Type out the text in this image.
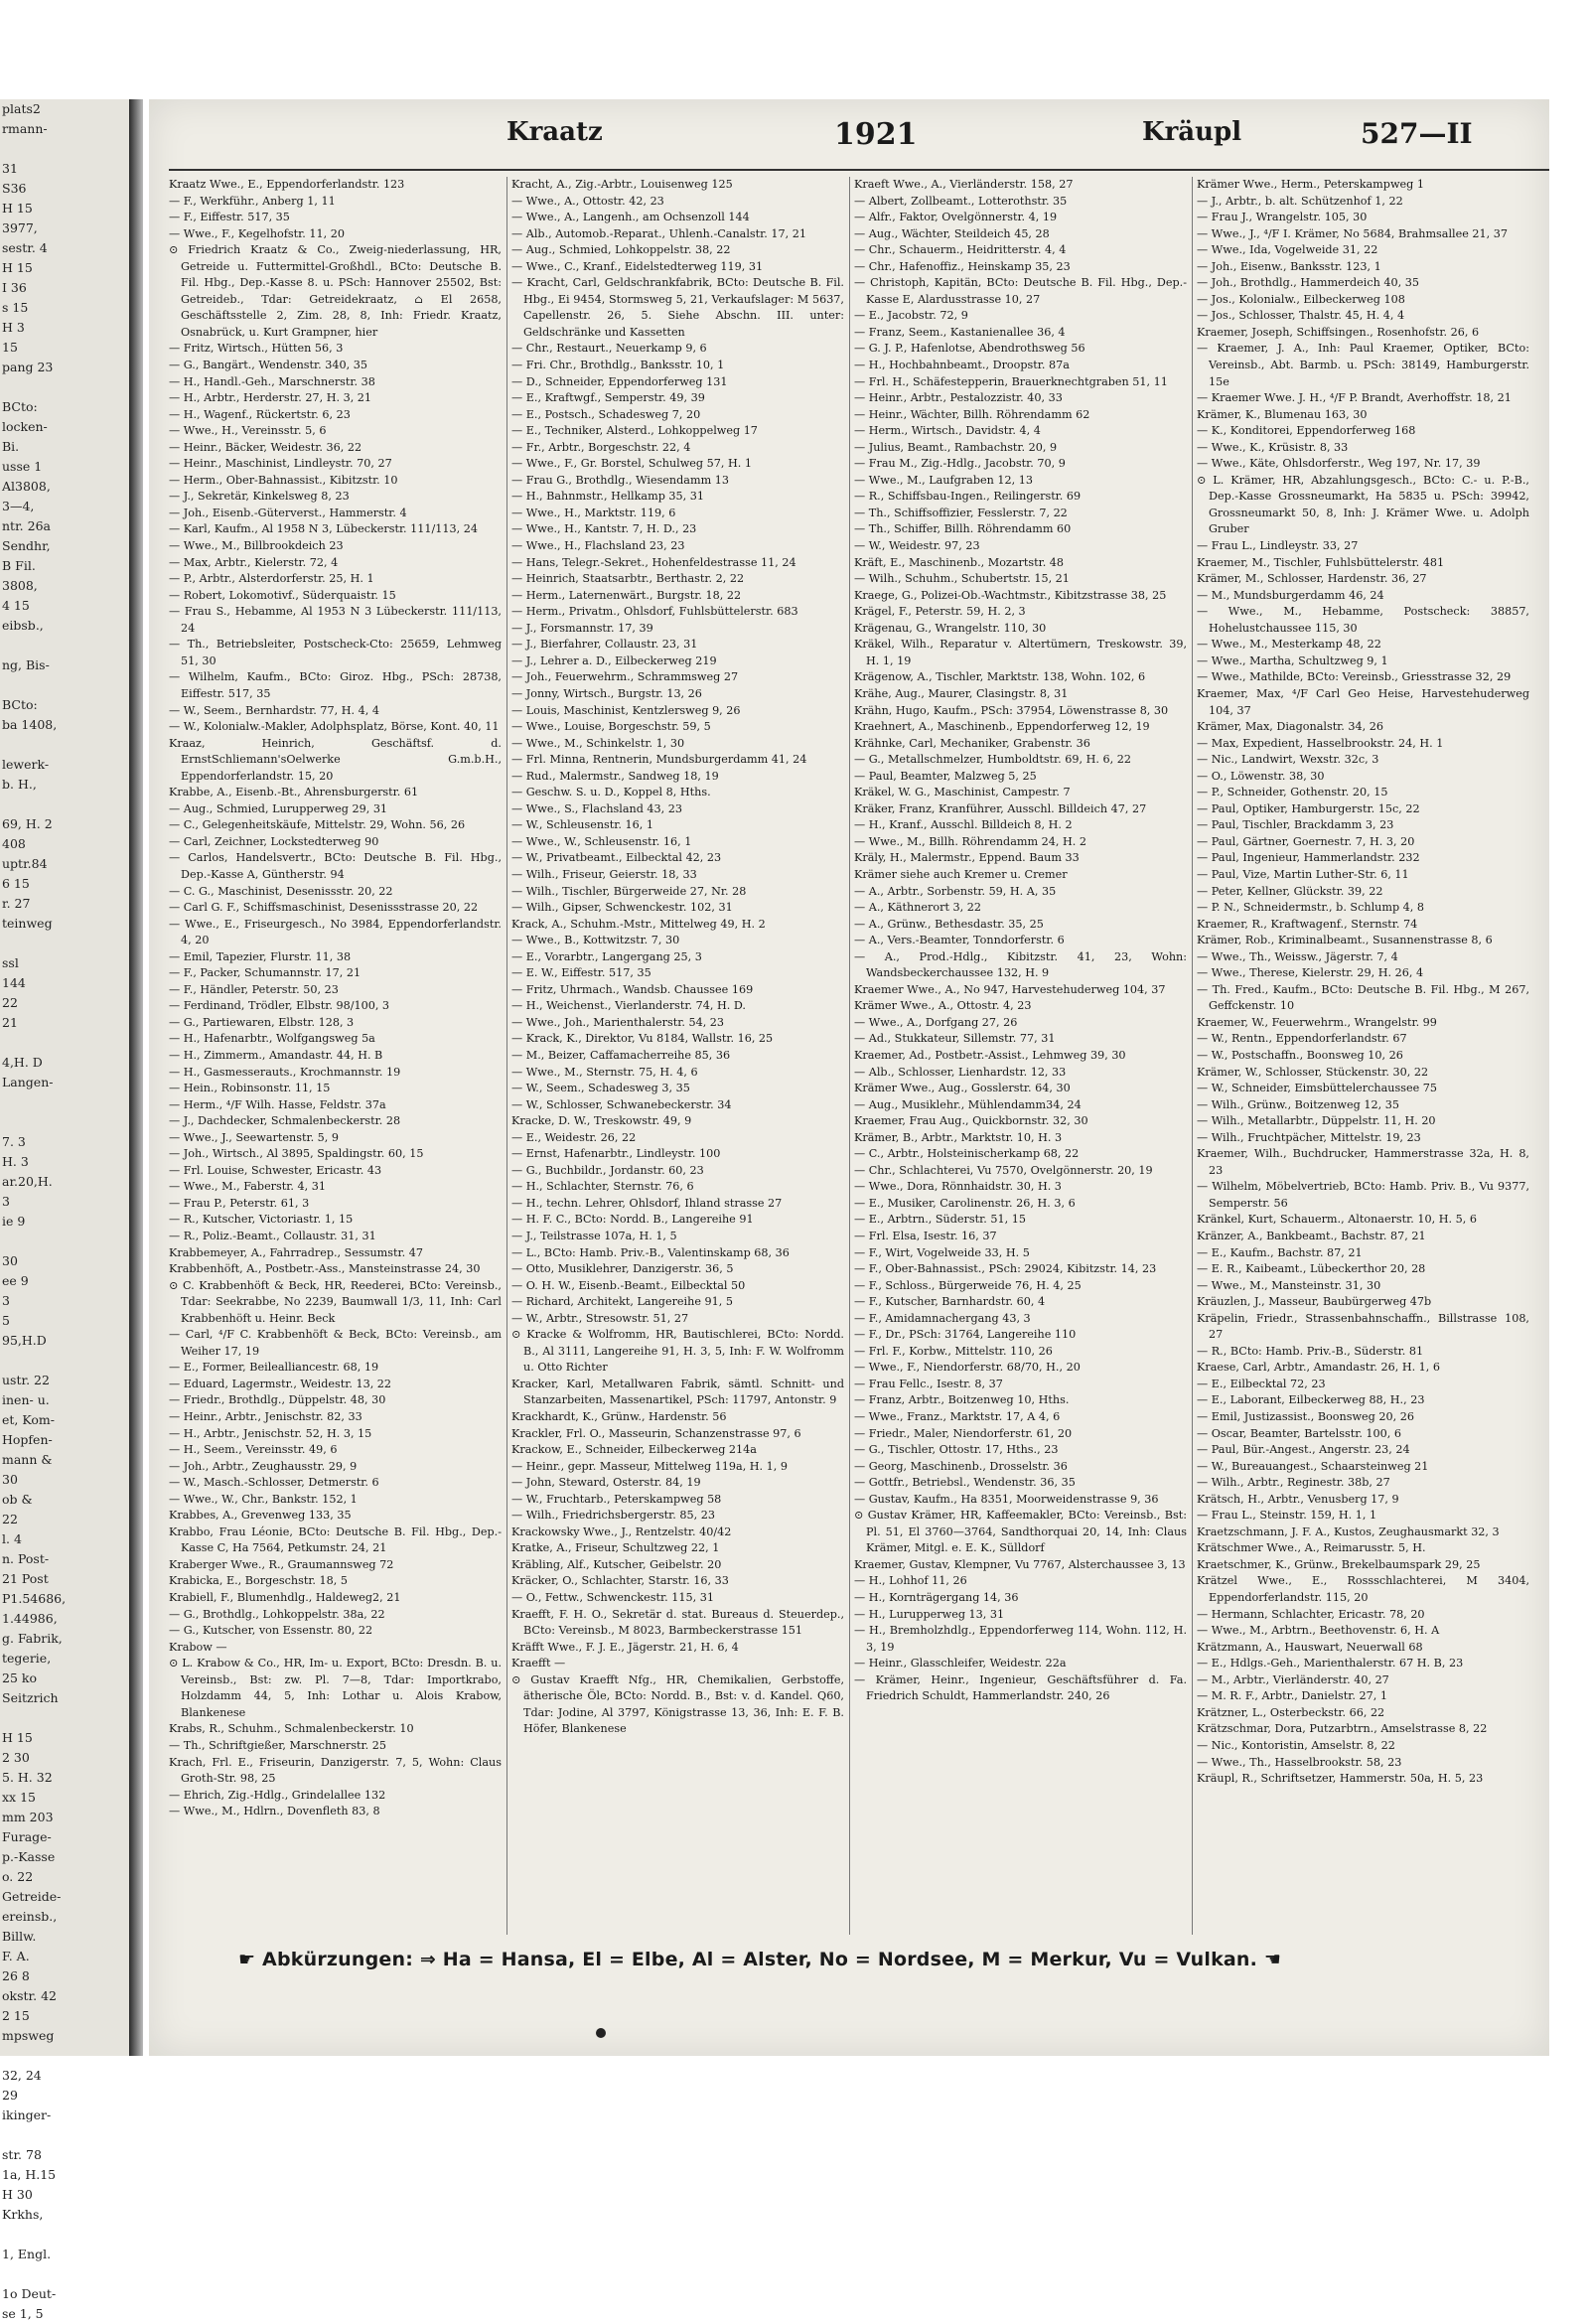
plats2
rmann-

31
S36
H 15
3977,
sestr. 4
H 15
I 36
s 15
H 3
15
pang 23

BCto:
locken-
Bi.
usse 1
Al3808,
3—4,
ntr. 26a
Sendhr,
B Fil.
3808,
4 15
eibsb.,

ng, Bis-

BCto:
ba 1408,

lewerk-
b. H.,

69, H. 2
408
uptr.84
6 15
r. 27
teinweg

ssl
144
22
21

4,H. D
Langen-

7. 3
H. 3
ar.20,H.
3
ie 9

30
ee 9
3
5
95,H.D

ustr. 22
inen- u.
et, Kom-
Hopfen-
mann &
30
ob &
22
l. 4
n. Post-
21 Post
P1.54686,
1.44986,
g. Fabrik,
tegerie,
25 ko
Seitzrich

H 15
2 30
5. H. 32
xx 15
mm 203
Furage-
p.-Kasse
o. 22
Getreide-
ereinsb.,
Billw.
F. A.
26 8
okstr. 42
2 15
mpsweg

32, 24
29
ikinger-

str. 78
1a, H.15
H 30
Krkhs,

1, Engl.

1o Deut-
se 1, 5
Kraatz	1921	Kräupl	527—II

Kraatz Wwe., E., Eppendorferlandstr. 123

— F., Werkführ., Anberg 1, 11

— F., Eiffestr. 517, 35

— Wwe., F., Kegelhofstr. 11, 20

⊙ Friedrich Kraatz & Co., Zweig-niederlassung, HR, Getreide u. Futtermittel-Großhdl., BCto: Deutsche B. Fil. Hbg., Dep.-Kasse 8. u. PSch: Hannover 25502, Bst: Getreideb., Tdar: Getreidekraatz, ⌂ El 2658, Geschäftsstelle 2, Zim. 28, 8, Inh: Friedr. Kraatz, Osnabrück, u. Kurt Grampner, hier

— Fritz, Wirtsch., Hütten 56, 3

— G., Bangärt., Wendenstr. 340, 35

— H., Handl.-Geh., Marschnerstr. 38

— H., Arbtr., Herderstr. 27, H. 3, 21

— H., Wagenf., Rückertstr. 6, 23

— Wwe., H., Vereinsstr. 5, 6

— Heinr., Bäcker, Weidestr. 36, 22

— Heinr., Maschinist, Lindleystr. 70, 27

— Herm., Ober-Bahnassist., Kibitzstr. 10

— J., Sekretär, Kinkelsweg 8, 23

— Joh., Eisenb.-Güterverst., Hammerstr. 4

— Karl, Kaufm., Al 1958 N 3, Lübeckerstr. 111/113, 24

— Wwe., M., Billbrookdeich 23

— Max, Arbtr., Kielerstr. 72, 4

— P., Arbtr., Alsterdorferstr. 25, H. 1

— Robert, Lokomotivf., Süderquaistr. 15

— Frau S., Hebamme, Al 1953 N 3 Lübeckerstr. 111/113, 24

— Th., Betriebsleiter, Postscheck-Cto: 25659, Lehmweg 51, 30

— Wilhelm, Kaufm., BCto: Giroz. Hbg., PSch: 28738, Eiffestr. 517, 35

— W., Seem., Bernhardstr. 77, H. 4, 4

— W., Kolonialw.-Makler, Adolphsplatz, Börse, Kont. 40, 11

Kraaz, Heinrich, Geschäftsf. d. ErnstSchliemann'sOelwerke G.m.b.H., Eppendorferlandstr. 15, 20

Krabbe, A., Eisenb.-Bt., Ahrensburgerstr. 61

— Aug., Schmied, Lurupperweg 29, 31

— C., Gelegenheitskäufe, Mittelstr. 29, Wohn. 56, 26

— Carl, Zeichner, Lockstedterweg 90

— Carlos, Handelsvertr., BCto: Deutsche B. Fil. Hbg., Dep.-Kasse A, Güntherstr. 94

— C. G., Maschinist, Desenissstr. 20, 22

— Carl G. F., Schiffsmaschinist, Desenissstrasse 20, 22

— Wwe., E., Friseurgesch., No 3984, Eppendorferlandstr. 4, 20

— Emil, Tapezier, Flurstr. 11, 38

— F., Packer, Schumannstr. 17, 21

— F., Händler, Peterstr. 50, 23

— Ferdinand, Trödler, Elbstr. 98/100, 3

— G., Partiewaren, Elbstr. 128, 3

— H., Hafenarbtr., Wolfgangsweg 5a

— H., Zimmerm., Amandastr. 44, H. B

— H., Gasmesserauts., Krochmannstr. 19

— Hein., Robinsonstr. 11, 15

— Herm., ⁴/F Wilh. Hasse, Feldstr. 37a

— J., Dachdecker, Schmalenbeckerstr. 28

— Wwe., J., Seewartenstr. 5, 9

— Joh., Wirtsch., Al 3895, Spaldingstr. 60, 15

— Frl. Louise, Schwester, Ericastr. 43

— Wwe., M., Faberstr. 4, 31

— Frau P., Peterstr. 61, 3

— R., Kutscher, Victoriastr. 1, 15

— R., Poliz.-Beamt., Collaustr. 31, 31

Krabbemeyer, A., Fahrradrep., Sessumstr. 47

Krabbenhöft, A., Postbetr.-Ass., Mansteinstrasse 24, 30

⊙ C. Krabbenhöft & Beck, HR, Reederei, BCto: Vereinsb., Tdar: Seekrabbe, No 2239, Baumwall 1/3, 11, Inh: Carl Krabbenhöft u. Heinr. Beck

— Carl, ⁴/F C. Krabbenhöft & Beck, BCto: Vereinsb., am Weiher 17, 19

— E., Former, Beilealliancestr. 68, 19

— Eduard, Lagermstr., Weidestr. 13, 22

— Friedr., Brothdlg., Düppelstr. 48, 30

— Heinr., Arbtr., Jenischstr. 82, 33

— H., Arbtr., Jenischstr. 52, H. 3, 15

— H., Seem., Vereinsstr. 49, 6

— Joh., Arbtr., Zeughausstr. 29, 9

— W., Masch.-Schlosser, Detmerstr. 6

— Wwe., W., Chr., Bankstr. 152, 1

Krabbes, A., Grevenweg 133, 35

Krabbo, Frau Léonie, BCto: Deutsche B. Fil. Hbg., Dep.-Kasse C, Ha 7564, Petkumstr. 24, 21

Kraberger Wwe., R., Graumannsweg 72

Krabicka, E., Borgeschstr. 18, 5

Krabiell, F., Blumenhdlg., Haldeweg2, 21

— G., Brothdlg., Lohkoppelstr. 38a, 22

— G., Kutscher, von Essenstr. 80, 22

Krabow —

⊙ L. Krabow & Co., HR, Im- u. Export, BCto: Dresdn. B. u. Vereinsb., Bst: zw. Pl. 7—8, Tdar: Importkrabo, Holzdamm 44, 5, Inh: Lothar u. Alois Krabow, Blankenese

Krabs, R., Schuhm., Schmalenbeckerstr. 10

— Th., Schriftgießer, Marschnerstr. 25

Krach, Frl. E., Friseurin, Danzigerstr. 7, 5, Wohn: Claus Groth-Str. 98, 25

— Ehrich, Zig.-Hdlg., Grindelallee 132

— Wwe., M., Hdlrn., Dovenfleth 83, 8

Kracht, A., Zig.-Arbtr., Louisenweg 125

— Wwe., A., Ottostr. 42, 23

— Wwe., A., Langenh., am Ochsenzoll 144

— Alb., Automob.-Reparat., Uhlenh.-Canalstr. 17, 21

— Aug., Schmied, Lohkoppelstr. 38, 22

— Wwe., C., Kranf., Eidelstedterweg 119, 31

— Kracht, Carl, Geldschrankfabrik, BCto: Deutsche B. Fil. Hbg., Ei 9454, Stormsweg 5, 21, Verkaufslager: M 5637, Capellenstr. 26, 5. Siehe Abschn. III. unter: Geldschränke und Kassetten

— Chr., Restaurt., Neuerkamp 9, 6

— Fri. Chr., Brothdlg., Banksstr. 10, 1

— D., Schneider, Eppendorferweg 131

— E., Kraftwgf., Semperstr. 49, 39

— E., Postsch., Schadesweg 7, 20

— E., Techniker, Alsterd., Lohkoppelweg 17

— Fr., Arbtr., Borgeschstr. 22, 4

— Wwe., F., Gr. Borstel, Schulweg 57, H. 1

— Frau G., Brothdlg., Wiesendamm 13

— H., Bahnmstr., Hellkamp 35, 31

— Wwe., H., Marktstr. 119, 6

— Wwe., H., Kantstr. 7, H. D., 23

— Wwe., H., Flachsland 23, 23

— Hans, Telegr.-Sekret., Hohenfeldestrasse 11, 24

— Heinrich, Staatsarbtr., Berthastr. 2, 22

— Herm., Laternenwärt., Burgstr. 18, 22

— Herm., Privatm., Ohlsdorf, Fuhlsbüttelerstr. 683

— J., Forsmannstr. 17, 39

— J., Bierfahrer, Collaustr. 23, 31

— J., Lehrer a. D., Eilbeckerweg 219

— Joh., Feuerwehrm., Schrammsweg 27

— Jonny, Wirtsch., Burgstr. 13, 26

— Louis, Maschinist, Kentzlersweg 9, 26

— Wwe., Louise, Borgeschstr. 59, 5

— Wwe., M., Schinkelstr. 1, 30

— Frl. Minna, Rentnerin, Mundsburgerdamm 41, 24

— Rud., Malermstr., Sandweg 18, 19

— Geschw. S. u. D., Koppel 8, Hths.

— Wwe., S., Flachsland 43, 23

— W., Schleusenstr. 16, 1

— Wwe., W., Schleusenstr. 16, 1

— W., Privatbeamt., Eilbecktal 42, 23

— Wilh., Friseur, Geierstr. 18, 33

— Wilh., Tischler, Bürgerweide 27, Nr. 28

— Wilh., Gipser, Schwenckestr. 102, 31

Krack, A., Schuhm.-Mstr., Mittelweg 49, H. 2

— Wwe., B., Kottwitzstr. 7, 30

— E., Vorarbtr., Langergang 25, 3

— E. W., Eiffestr. 517, 35

— Fritz, Uhrmach., Wandsb. Chaussee 169

— H., Weichenst., Vierlanderstr. 74, H. D.

— Wwe., Joh., Marienthalerstr. 54, 23

— Krack, K., Direktor, Vu 8184, Wallstr. 16, 25

— M., Beizer, Caffamacherreihe 85, 36

— Wwe., M., Sternstr. 75, H. 4, 6

— W., Seem., Schadesweg 3, 35

— W., Schlosser, Schwanebeckerstr. 34

Kracke, D. W., Treskowstr. 49, 9

— E., Weidestr. 26, 22

— Ernst, Hafenarbtr., Lindleystr. 100

— G., Buchbildr., Jordanstr. 60, 23

— H., Schlachter, Sternstr. 76, 6

— H., techn. Lehrer, Ohlsdorf, Ihland strasse 27

— H. F. C., BCto: Nordd. B., Langereihe 91

— J., Teilstrasse 107a, H. 1, 5

— L., BCto: Hamb. Priv.-B., Valentinskamp 68, 36

— Otto, Musiklehrer, Danzigerstr. 36, 5

— O. H. W., Eisenb.-Beamt., Eilbecktal 50

— Richard, Architekt, Langereihe 91, 5

— W., Arbtr., Stresowstr. 51, 27

⊙ Kracke & Wolfromm, HR, Bautischlerei, BCto: Nordd. B., Al 3111, Langereihe 91, H. 3, 5, Inh: F. W. Wolfromm u. Otto Richter

Kracker, Karl, Metallwaren Fabrik, sämtl. Schnitt- und Stanzarbeiten, Massenartikel, PSch: 11797, Antonstr. 9

Krackhardt, K., Grünw., Hardenstr. 56

Krackler, Frl. O., Masseurin, Schanzenstrasse 97, 6

Krackow, E., Schneider, Eilbeckerweg 214a

— Heinr., gepr. Masseur, Mittelweg 119a, H. 1, 9

— John, Steward, Osterstr. 84, 19

— W., Fruchtarb., Peterskampweg 58

— Wilh., Friedrichsbergerstr. 85, 23

Krackowsky Wwe., J., Rentzelstr. 40/42

Kratke, A., Friseur, Schultzweg 22, 1

Kräbling, Alf., Kutscher, Geibelstr. 20

Kräcker, O., Schlachter, Starstr. 16, 33

— O., Fettw., Schwenckestr. 115, 31

Kraefft, F. H. O., Sekretär d. stat. Bureaus d. Steuerdep., BCto: Vereinsb., M 8023, Barmbeckerstrasse 151

Kräfft Wwe., F. J. E., Jägerstr. 21, H. 6, 4

Kraefft —

⊙ Gustav Kraefft Nfg., HR, Chemikalien, Gerbstoffe, ätherische Öle, BCto: Nordd. B., Bst: v. d. Kandel. Q60, Tdar: Jodine, Al 3797, Königstrasse 13, 36, Inh: E. F. B. Höfer, Blankenese

Kraeft Wwe., A., Vierländerstr. 158, 27

— Albert, Zollbeamt., Lotterothstr. 35

— Alfr., Faktor, Ovelgönnerstr. 4, 19

— Aug., Wächter, Steildeich 45, 28

— Chr., Schauerm., Heidritterstr. 4, 4

— Chr., Hafenoffiz., Heinskamp 35, 23

— Christoph, Kapitän, BCto: Deutsche B. Fil. Hbg., Dep.-Kasse E, Alardusstrasse 10, 27

— E., Jacobstr. 72, 9

— Franz, Seem., Kastanienallee 36, 4

— G. J. P., Hafenlotse, Abendrothsweg 56

— H., Hochbahnbeamt., Droopstr. 87a

— Frl. H., Schäfestepperin, Brauerknechtgraben 51, 11

— Heinr., Arbtr., Pestalozzistr. 40, 33

— Heinr., Wächter, Billh. Röhrendamm 62

— Herm., Wirtsch., Davidstr. 4, 4

— Julius, Beamt., Rambachstr. 20, 9

— Frau M., Zig.-Hdlg., Jacobstr. 70, 9

— Wwe., M., Laufgraben 12, 13

— R., Schiffsbau-Ingen., Reilingerstr. 69

— Th., Schiffsoffizier, Fesslerstr. 7, 22

— Th., Schiffer, Billh. Röhrendamm 60

— W., Weidestr. 97, 23

Kräft, E., Maschinenb., Mozartstr. 48

— Wilh., Schuhm., Schubertstr. 15, 21

Kraege, G., Polizei-Ob.-Wachtmstr., Kibitzstrasse 38, 25

Krägel, F., Peterstr. 59, H. 2, 3

Krägenau, G., Wrangelstr. 110, 30

Kräkel, Wilh., Reparatur v. Altertümern, Treskowstr. 39, H. 1, 19

Krägenow, A., Tischler, Marktstr. 138, Wohn. 102, 6

Krähe, Aug., Maurer, Clasingstr. 8, 31

Krähn, Hugo, Kaufm., PSch: 37954, Löwenstrasse 8, 30

Kraehnert, A., Maschinenb., Eppendorferweg 12, 19

Krähnke, Carl, Mechaniker, Grabenstr. 36

— G., Metallschmelzer, Humboldtstr. 69, H. 6, 22

— Paul, Beamter, Malzweg 5, 25

Kräkel, W. G., Maschinist, Campestr. 7

Kräker, Franz, Kranführer, Ausschl. Billdeich 47, 27

— H., Kranf., Ausschl. Billdeich 8, H. 2

— Wwe., M., Billh. Röhrendamm 24, H. 2

Kräly, H., Malermstr., Eppend. Baum 33

Krämer siehe auch Kremer u. Cremer

— A., Arbtr., Sorbenstr. 59, H. A, 35

— A., Käthnerort 3, 22

— A., Grünw., Bethesdastr. 35, 25

— A., Vers.-Beamter, Tonndorferstr. 6

— A., Prod.-Hdlg., Kibitzstr. 41, 23, Wohn: Wandsbeckerchaussee 132, H. 9

Kraemer Wwe., A., No 947, Harvestehuderweg 104, 37

Krämer Wwe., A., Ottostr. 4, 23

— Wwe., A., Dorfgang 27, 26

— Ad., Stukkateur, Sillemstr. 77, 31

Kraemer, Ad., Postbetr.-Assist., Lehmweg 39, 30

— Alb., Schlosser, Lienhardstr. 12, 33

Krämer Wwe., Aug., Gosslerstr. 64, 30

— Aug., Musiklehr., Mühlendamm34, 24

Kraemer, Frau Aug., Quickbornstr. 32, 30

Krämer, B., Arbtr., Marktstr. 10, H. 3

— C., Arbtr., Holsteinischerkamp 68, 22

— Chr., Schlachterei, Vu 7570, Ovelgönnerstr. 20, 19

— Wwe., Dora, Rönnhaidstr. 30, H. 3

— E., Musiker, Carolinenstr. 26, H. 3, 6

— E., Arbtrn., Süderstr. 51, 15

— Frl. Elsa, Isestr. 16, 37

— F., Wirt, Vogelweide 33, H. 5

— F., Ober-Bahnassist., PSch: 29024, Kibitzstr. 14, 23

— F., Schloss., Bürgerweide 76, H. 4, 25

— F., Kutscher, Barnhardstr. 60, 4

— F., Amidamnachergang 43, 3

— F., Dr., PSch: 31764, Langereihe 110

— Frl. F., Korbw., Mittelstr. 110, 26

— Wwe., F., Niendorferstr. 68/70, H., 20

— Frau Fellc., Isestr. 8, 37

— Franz, Arbtr., Boitzenweg 10, Hths.

— Wwe., Franz., Marktstr. 17, A 4, 6

— Friedr., Maler, Niendorferstr. 61, 20

— G., Tischler, Ottostr. 17, Hths., 23

— Georg, Maschinenb., Drosselstr. 36

— Gottfr., Betriebsl., Wendenstr. 36, 35

— Gustav, Kaufm., Ha 8351, Moorweidenstrasse 9, 36

⊙ Gustav Krämer, HR, Kaffeemakler, BCto: Vereinsb., Bst: Pl. 51, El 3760—3764, Sandthorquai 20, 14, Inh: Claus Krämer, Mitgl. e. E. K., Sülldorf

Kraemer, Gustav, Klempner, Vu 7767, Alsterchaussee 3, 13

— H., Lohhof 11, 26

— H., Kornträgergang 14, 36

— H., Lurupperweg 13, 31

— H., Bremholzhdlg., Eppendorferweg 114, Wohn. 112, H. 3, 19

— Heinr., Glasschleifer, Weidestr. 22a

— Krämer, Heinr., Ingenieur, Geschäftsführer d. Fa. Friedrich Schuldt, Hammerlandstr. 240, 26

Krämer Wwe., Herm., Peterskampweg 1

— J., Arbtr., b. alt. Schützenhof 1, 22

— Frau J., Wrangelstr. 105, 30

— Wwe., J., ⁴/F I. Krämer, No 5684, Brahmsallee 21, 37

— Wwe., Ida, Vogelweide 31, 22

— Joh., Eisenw., Banksstr. 123, 1

— Joh., Brothdlg., Hammerdeich 40, 35

— Jos., Kolonialw., Eilbeckerweg 108

— Jos., Schlosser, Thalstr. 45, H. 4, 4

Kraemer, Joseph, Schiffsingen., Rosenhofstr. 26, 6

— Kraemer, J. A., Inh: Paul Kraemer, Optiker, BCto: Vereinsb., Abt. Barmb. u. PSch: 38149, Hamburgerstr. 15e

— Kraemer Wwe. J. H., ⁴/F P. Brandt, Averhoffstr. 18, 21

Krämer, K., Blumenau 163, 30

— K., Konditorei, Eppendorferweg 168

— Wwe., K., Krüsistr. 8, 33

— Wwe., Käte, Ohlsdorferstr., Weg 197, Nr. 17, 39

⊙ L. Krämer, HR, Abzahlungsgesch., BCto: C.- u. P.-B., Dep.-Kasse Grossneumarkt, Ha 5835 u. PSch: 39942, Grossneumarkt 50, 8, Inh: J. Krämer Wwe. u. Adolph Gruber

— Frau L., Lindleystr. 33, 27

Kraemer, M., Tischler, Fuhlsbüttelerstr. 481

Krämer, M., Schlosser, Hardenstr. 36, 27

— M., Mundsburgerdamm 46, 24

— Wwe., M., Hebamme, Postscheck: 38857, Hohelustchaussee 115, 30

— Wwe., M., Mesterkamp 48, 22

— Wwe., Martha, Schultzweg 9, 1

— Wwe., Mathilde, BCto: Vereinsb., Griesstrasse 32, 29

Kraemer, Max, ⁴/F Carl Geo Heise, Harvestehuderweg 104, 37

Krämer, Max, Diagonalstr. 34, 26

— Max, Expedient, Hasselbrookstr. 24, H. 1

— Nic., Landwirt, Wexstr. 32c, 3

— O., Löwenstr. 38, 30

— P., Schneider, Gothenstr. 20, 15

— Paul, Optiker, Hamburgerstr. 15c, 22

— Paul, Tischler, Brackdamm 3, 23

— Paul, Gärtner, Goernestr. 7, H. 3, 20

— Paul, Ingenieur, Hammerlandstr. 232

— Paul, Vize, Martin Luther-Str. 6, 11

— Peter, Kellner, Glückstr. 39, 22

— P. N., Schneidermstr., b. Schlump 4, 8

Kraemer, R., Kraftwagenf., Sternstr. 74

Krämer, Rob., Kriminalbeamt., Susannenstrasse 8, 6

— Wwe., Th., Weissw., Jägerstr. 7, 4

— Wwe., Therese, Kielerstr. 29, H. 26, 4

— Th. Fred., Kaufm., BCto: Deutsche B. Fil. Hbg., M 267, Geffckenstr. 10

Kraemer, W., Feuerwehrm., Wrangelstr. 99

— W., Rentn., Eppendorferlandstr. 67

— W., Postschaffn., Boonsweg 10, 26

Krämer, W., Schlosser, Stückenstr. 30, 22

— W., Schneider, Eimsbüttelerchaussee 75

— Wilh., Grünw., Boitzenweg 12, 35

— Wilh., Metallarbtr., Düppelstr. 11, H. 20

— Wilh., Fruchtpächer, Mittelstr. 19, 23

Kraemer, Wilh., Buchdrucker, Hammerstrasse 32a, H. 8, 23

— Wilhelm, Möbelvertrieb, BCto: Hamb. Priv. B., Vu 9377, Semperstr. 56

Kränkel, Kurt, Schauerm., Altonaerstr. 10, H. 5, 6

Kränzer, A., Bankbeamt., Bachstr. 87, 21

— E., Kaufm., Bachstr. 87, 21

— E. R., Kaibeamt., Lübeckerthor 20, 28

— Wwe., M., Mansteinstr. 31, 30

Kräuzlen, J., Masseur, Baubürgerweg 47b

Kräpelin, Friedr., Strassenbahnschaffn., Billstrasse 108, 27

— R., BCto: Hamb. Priv.-B., Süderstr. 81

Kraese, Carl, Arbtr., Amandastr. 26, H. 1, 6

— E., Eilbecktal 72, 23

— E., Laborant, Eilbeckerweg 88, H., 23

— Emil, Justizassist., Boonsweg 20, 26

— Oscar, Beamter, Bartelsstr. 100, 6

— Paul, Bür.-Angest., Angerstr. 23, 24

— W., Bureauangest., Schaarsteinweg 21

— Wilh., Arbtr., Reginestr. 38b, 27

Krätsch, H., Arbtr., Venusberg 17, 9

— Frau L., Steinstr. 159, H. 1, 1

Kraetzschmann, J. F. A., Kustos, Zeughausmarkt 32, 3

Krätschmer Wwe., A., Reimarusstr. 5, H.

Kraetschmer, K., Grünw., Brekelbaumspark 29, 25

Krätzel Wwe., E., Rossschlachterei, M 3404, Eppendorferlandstr. 115, 20

— Hermann, Schlachter, Ericastr. 78, 20

— Wwe., M., Arbtrn., Beethovenstr. 6, H. A

Krätzmann, A., Hauswart, Neuerwall 68

— E., Hdlgs.-Geh., Marienthalerstr. 67 H. B, 23

— M., Arbtr., Vierländerstr. 40, 27

— M. R. F., Arbtr., Danielstr. 27, 1

Krätzner, L., Osterbeckstr. 66, 22

Krätzschmar, Dora, Putzarbtrn., Amselstrasse 8, 22

— Nic., Kontoristin, Amselstr. 8, 22

— Wwe., Th., Hasselbrookstr. 58, 23

Kräupl, R., Schriftsetzer, Hammerstr. 50a, H. 5, 23

☛ Abkürzungen: ⇒ Ha = Hansa, El = Elbe, Al = Alster, No = Nordsee, M = Merkur, Vu = Vulkan. ☚
